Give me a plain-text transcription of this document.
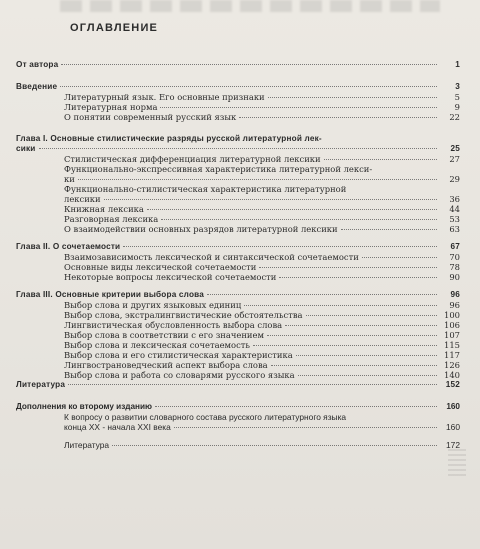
ОГЛАВЛЕНИЕ
От автора	1
Введение	3
Литературный язык. Его основные признаки	5
Литературная норма	9
О понятии современный русский язык	22
Глава I. Основные стилистические разряды русской литературной лек-
сики	25
Стилистическая дифференциация литературной лексики	27
Функционально-экспрессивная характеристика литературной лекси-
ки	29
Функционально-стилистическая характеристика литературной
лексики	36
Книжная лексика	44
Разговорная лексика	53
О взаимодействии основных разрядов литературной лексики	63
Глава II. О сочетаемости	67
Взаимозависимость лексической и синтаксической сочетаемости	70
Основные виды лексической сочетаемости	78
Некоторые вопросы лексической сочетаемости	90
Глава III. Основные критерии выбора слова	96
Выбор слова и других языковых единиц	96
Выбор слова, экстралингвистические обстоятельства	100
Лингвистическая обусловленность выбора слова	106
Выбор слова в соответствии с его значением	107
Выбор слова и лексическая сочетаемость	115
Выбор слова и его стилистическая характеристика	117
Лингвострановедческий аспект выбора слова	126
Выбор слова и работа со словарями русского языка	140
Литература	152
Дополнения ко второму изданию	160
К вопросу о развитии словарного состава русского литературного языка
конца XX - начала XXI века	160
Литература	172
